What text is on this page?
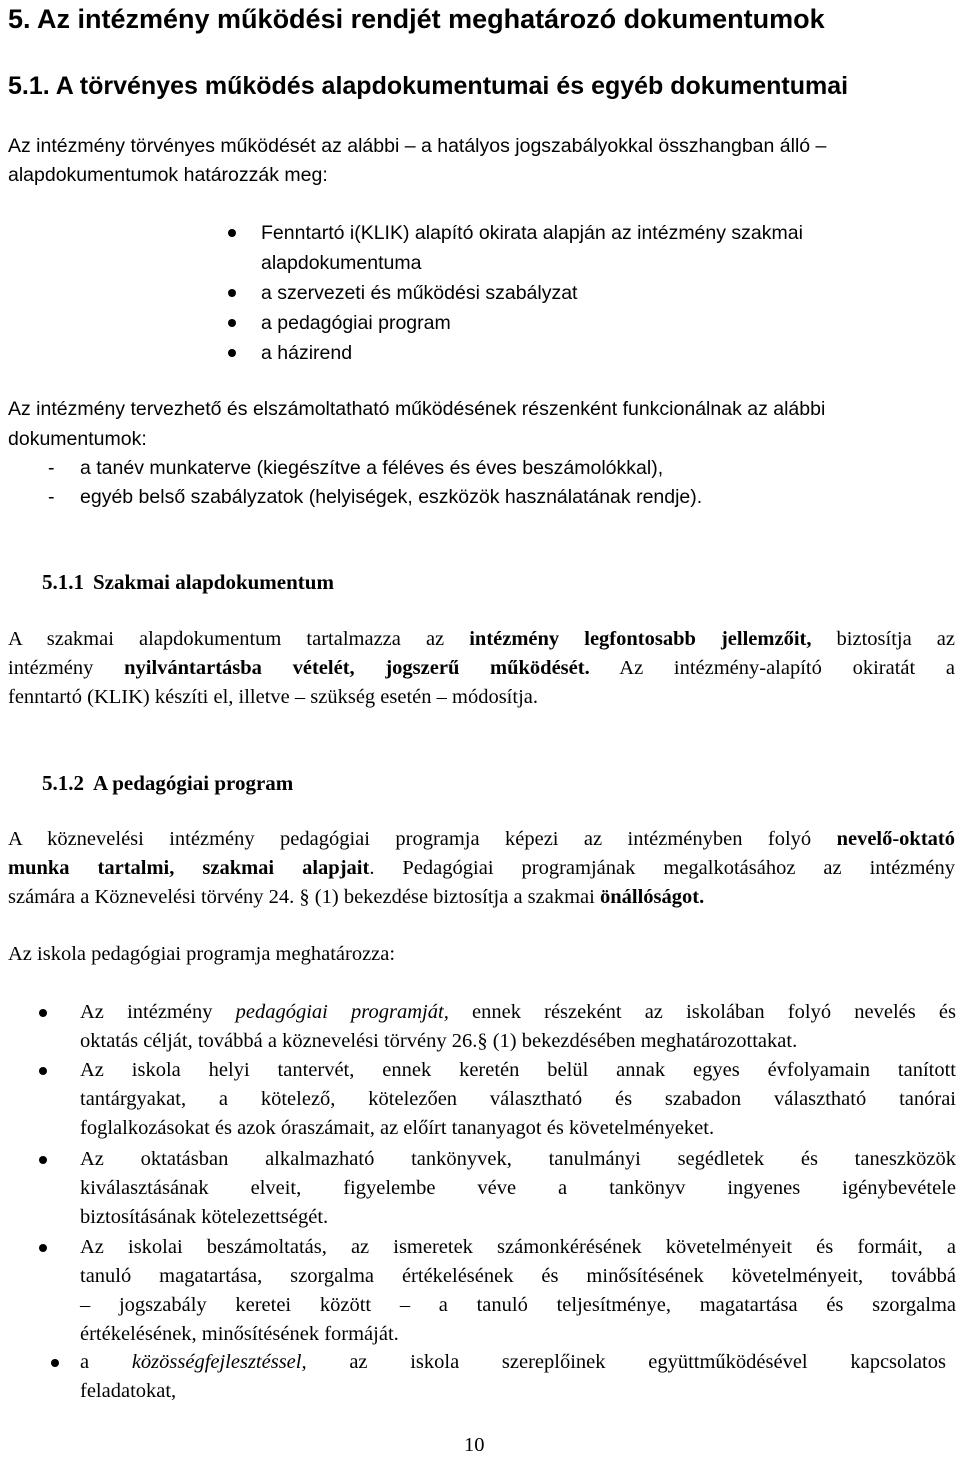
5. Az intézmény működési rendjét meghatározó dokumentumok
5.1. A törvényes működés alapdokumentumai és egyéb dokumentumai
Az intézmény törvényes működését az alábbi – a hatályos jogszabályokkal összhangban álló –
alapdokumentumok határozzák meg:
Fenntartó i(KLIK) alapító okirata alapján az intézmény szakmai
alapdokumentuma
a szervezeti és működési szabályzat
a pedagógiai program
a házirend
Az intézmény tervezhető és elszámoltatható működésének részenként funkcionálnak az alábbi
dokumentumok:
- a tanév munkaterve (kiegészítve a féléves és éves beszámolókkal),
- egyéb belső szabályzatok (helyiségek, eszközök használatának rendje).
5.1.1 Szakmai alapdokumentum
A szakmai alapdokumentum tartalmazza az intézmény legfontosabb jellemzőit, biztosítja az
intézmény nyilvántartásba vételét, jogszerű működését. Az intézmény-alapító okiratát a
fenntartó (KLIK) készíti el, illetve – szükség esetén – módosítja.
5.1.2 A pedagógiai program
A köznevelési intézmény pedagógiai programja képezi az intézményben folyó nevelő-oktató
munka tartalmi, szakmai alapjait. Pedagógiai programjának megalkotásához az intézmény
számára a Köznevelési törvény 24. § (1) bekezdése biztosítja a szakmai önállóságot.
Az iskola pedagógiai programja meghatározza:
Az intézmény pedagógiai programját, ennek részeként az iskolában folyó nevelés és
oktatás célját, továbbá a köznevelési törvény 26.§ (1) bekezdésében meghatározottakat.
Az iskola helyi tantervét, ennek keretén belül annak egyes évfolyamain tanított
tantárgyakat, a kötelező, kötelezően választható és szabadon választható tanórai
foglalkozásokat és azok óraszámait, az előírt tananyagot és követelményeket.
Az oktatásban alkalmazható tankönyvek, tanulmányi segédletek és taneszközök
kiválasztásának elveit, figyelembe véve a tankönyv ingyenes igénybevétele
biztosításának kötelezettségét.
Az iskolai beszámoltatás, az ismeretek számonkérésének követelményeit és formáit, a
tanuló magatartása, szorgalma értékelésének és minősítésének követelményeit, továbbá
– jogszabály keretei között – a tanuló teljesítménye, magatartása és szorgalma
értékelésének, minősítésének formáját.
a közösségfejlesztéssel, az iskola szereplőinek együttműködésével kapcsolatos
feladatokat,
10
